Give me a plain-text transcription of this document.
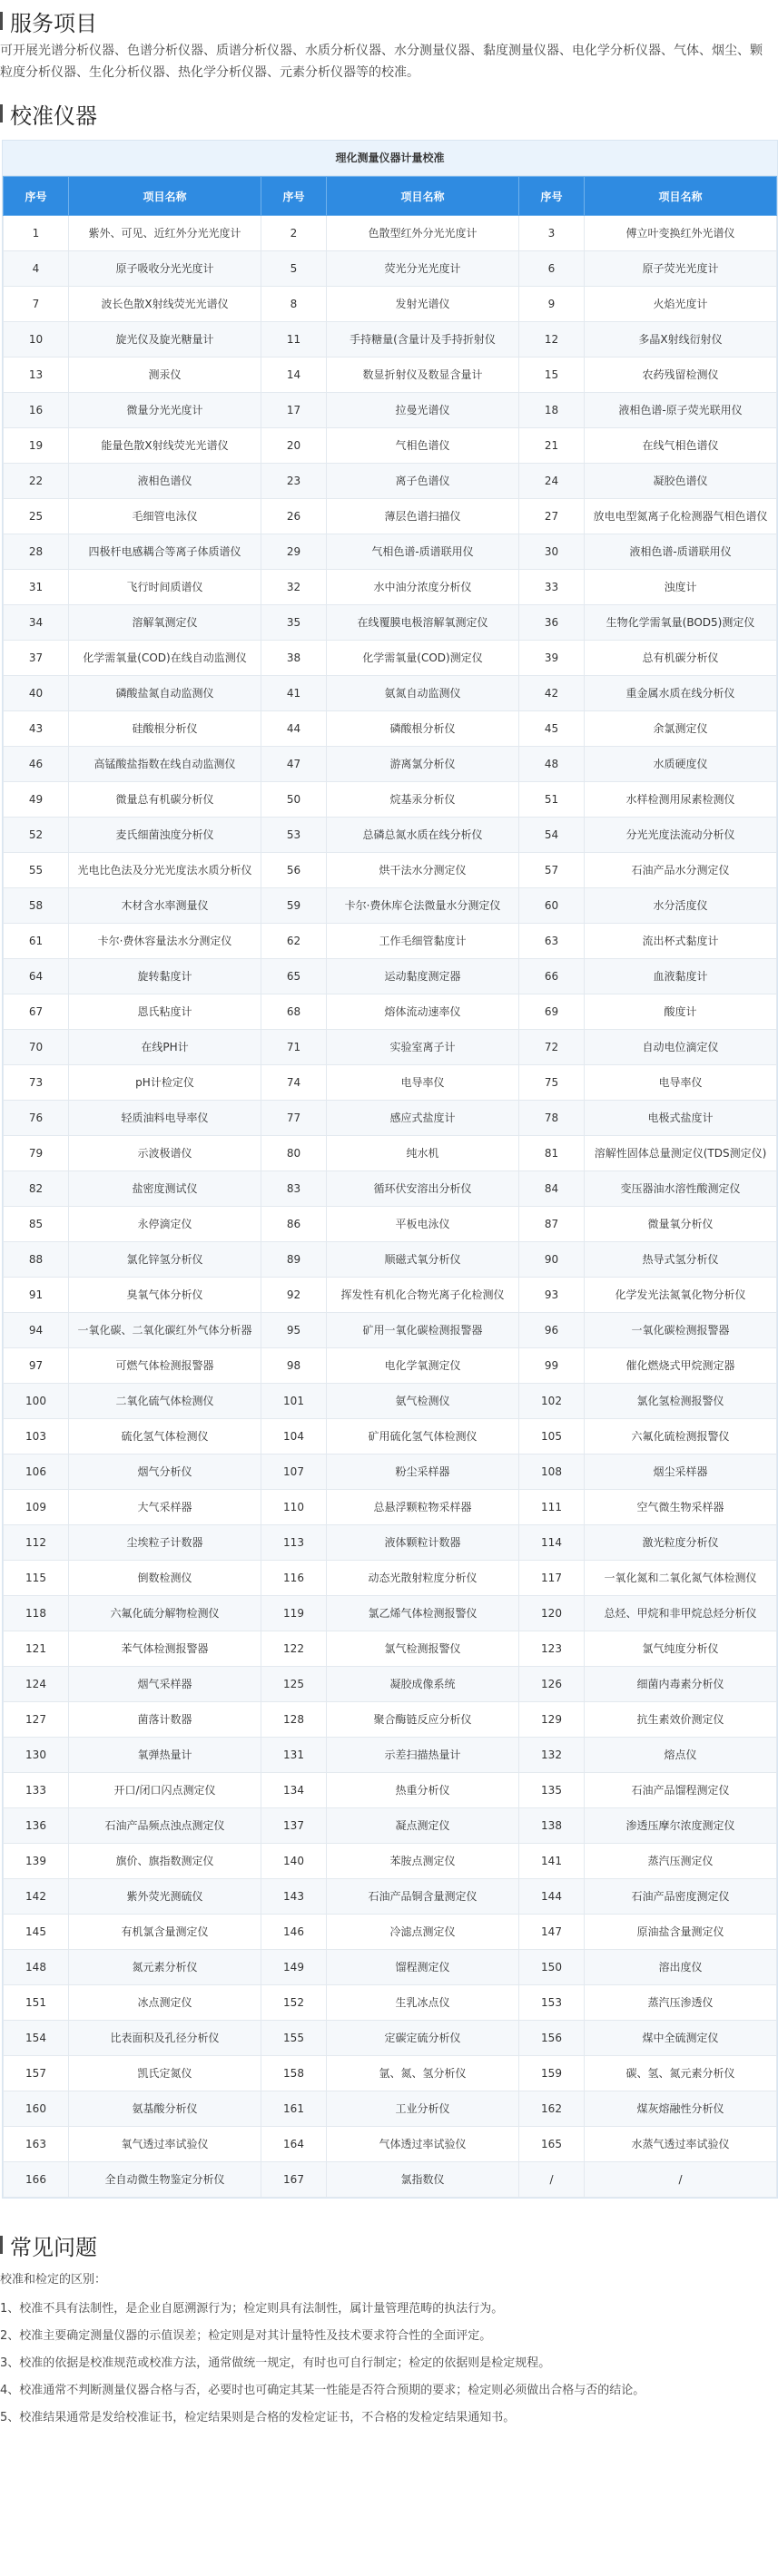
服务项目
可开展光谱分析仪器、色谱分析仪器、质谱分析仪器、水质分析仪器、水分测量仪器、黏度测量仪器、电化学分析仪器、气体、烟尘、颗粒度分析仪器、生化分析仪器、热化学分析仪器、元素分析仪器等的校准。
校准仪器
理化测量仪器计量校准
序号	项目名称	序号	项目名称	序号	项目名称
1	紫外、可见、近红外分光光度计	2	色散型红外分光光度计	3	傅立叶变换红外光谱仪
4	原子吸收分光光度计	5	荧光分光光度计	6	原子荧光光度计
7	波长色散X射线荧光光谱仪	8	发射光谱仪	9	火焰光度计
10	旋光仪及旋光糖量计	11	手持糖量(含量计及手持折射仪	12	多晶X射线衍射仪
13	测汞仪	14	数显折射仪及数显含量计	15	农药残留检测仪
16	微量分光光度计	17	拉曼光谱仪	18	液相色谱-原子荧光联用仪
19	能量色散X射线荧光光谱仪	20	气相色谱仪	21	在线气相色谱仪
22	液相色谱仪	23	离子色谱仪	24	凝胶色谱仪
25	毛细管电泳仪	26	薄层色谱扫描仪	27	放电电型氮离子化检测器气相色谱仪
28	四极杆电感耦合等离子体质谱仪	29	气相色谱-质谱联用仪	30	液相色谱-质谱联用仪
31	飞行时间质谱仪	32	水中油分浓度分析仪	33	浊度计
34	溶解氧测定仪	35	在线覆膜电极溶解氧测定仪	36	生物化学需氧量(BOD5)测定仪
37	化学需氧量(COD)在线自动监测仪	38	化学需氧量(COD)测定仪	39	总有机碳分析仪
40	磷酸盐氮自动监测仪	41	氨氮自动监测仪	42	重金属水质在线分析仪
43	硅酸根分析仪	44	磷酸根分析仪	45	余氯测定仪
46	高锰酸盐指数在线自动监测仪	47	游离氯分析仪	48	水质硬度仪
49	微量总有机碳分析仪	50	烷基汞分析仪	51	水样检测用尿素检测仪
52	麦氏细菌浊度分析仪	53	总磷总氮水质在线分析仪	54	分光光度法流动分析仪
55	光电比色法及分光光度法水质分析仪	56	烘干法水分测定仪	57	石油产品水分测定仪
58	木材含水率测量仪	59	卡尔·费休库仑法微量水分测定仪	60	水分活度仪
61	卡尔·费休容量法水分测定仪	62	工作毛细管黏度计	63	流出杯式黏度计
64	旋转黏度计	65	运动黏度测定器	66	血液黏度计
67	恩氏粘度计	68	熔体流动速率仪	69	酸度计
70	在线PH计	71	实验室离子计	72	自动电位滴定仪
73	pH计检定仪	74	电导率仪	75	电导率仪
76	轻质油料电导率仪	77	感应式盐度计	78	电极式盐度计
79	示波极谱仪	80	纯水机	81	溶解性固体总量测定仪(TDS测定仪)
82	盐密度测试仪	83	循环伏安溶出分析仪	84	变压器油水溶性酸测定仪
85	永停滴定仪	86	平板电泳仪	87	微量氧分析仪
88	氯化锌氢分析仪	89	顺磁式氧分析仪	90	热导式氢分析仪
91	臭氧气体分析仪	92	挥发性有机化合物光离子化检测仪	93	化学发光法氮氧化物分析仪
94	一氧化碳、二氧化碳红外气体分析器	95	矿用一氧化碳检测报警器	96	一氧化碳检测报警器
97	可燃气体检测报警器	98	电化学氧测定仪	99	催化燃烧式甲烷测定器
100	二氧化硫气体检测仪	101	氨气检测仪	102	氯化氢检测报警仪
103	硫化氢气体检测仪	104	矿用硫化氢气体检测仪	105	六氟化硫检测报警仪
106	烟气分析仪	107	粉尘采样器	108	烟尘采样器
109	大气采样器	110	总悬浮颗粒物采样器	111	空气微生物采样器
112	尘埃粒子计数器	113	液体颗粒计数器	114	激光粒度分析仪
115	倒数检测仪	116	动态光散射粒度分析仪	117	一氧化氮和二氧化氮气体检测仪
118	六氟化硫分解物检测仪	119	氯乙烯气体检测报警仪	120	总烃、甲烷和非甲烷总烃分析仪
121	苯气体检测报警器	122	氯气检测报警仪	123	氯气纯度分析仪
124	烟气采样器	125	凝胶成像系统	126	细菌内毒素分析仪
127	菌落计数器	128	聚合酶链反应分析仪	129	抗生素效价测定仪
130	氧弹热量计	131	示差扫描热量计	132	熔点仪
133	开口/闭口闪点测定仪	134	热重分析仪	135	石油产品馏程测定仪
136	石油产品频点浊点测定仪	137	凝点测定仪	138	渗透压摩尔浓度测定仪
139	旗价、旗指数测定仪	140	苯胺点测定仪	141	蒸汽压测定仪
142	紫外荧光测硫仪	143	石油产品铜含量测定仪	144	石油产品密度测定仪
145	有机氯含量测定仪	146	冷滤点测定仪	147	原油盐含量测定仪
148	氮元素分析仪	149	馏程测定仪	150	溶出度仪
151	冰点测定仪	152	生乳冰点仪	153	蒸汽压渗透仪
154	比表面积及孔径分析仪	155	定碳定硫分析仪	156	煤中全硫测定仪
157	凯氏定氮仪	158	氩、氮、氢分析仪	159	碳、氢、氮元素分析仪
160	氨基酸分析仪	161	工业分析仪	162	煤灰熔融性分析仪
163	氧气透过率试验仪	164	气体透过率试验仪	165	水蒸气透过率试验仪
166	全自动微生物鉴定分析仪	167	氯指数仪	/	/
常见问题
校准和检定的区别：
1、校准不具有法制性，是企业自愿溯源行为；检定则具有法制性，属计量管理范畴的执法行为。
2、校准主要确定测量仪器的示值误差；检定则是对其计量特性及技术要求符合性的全面评定。
3、校准的依据是校准规范或校准方法，通常做统一规定，有时也可自行制定；检定的依据则是检定规程。
4、校准通常不判断测量仪器合格与否，必要时也可确定其某一性能是否符合预期的要求；检定则必须做出合格与否的结论。
5、校准结果通常是发给校准证书，检定结果则是合格的发检定证书，不合格的发检定结果通知书。
